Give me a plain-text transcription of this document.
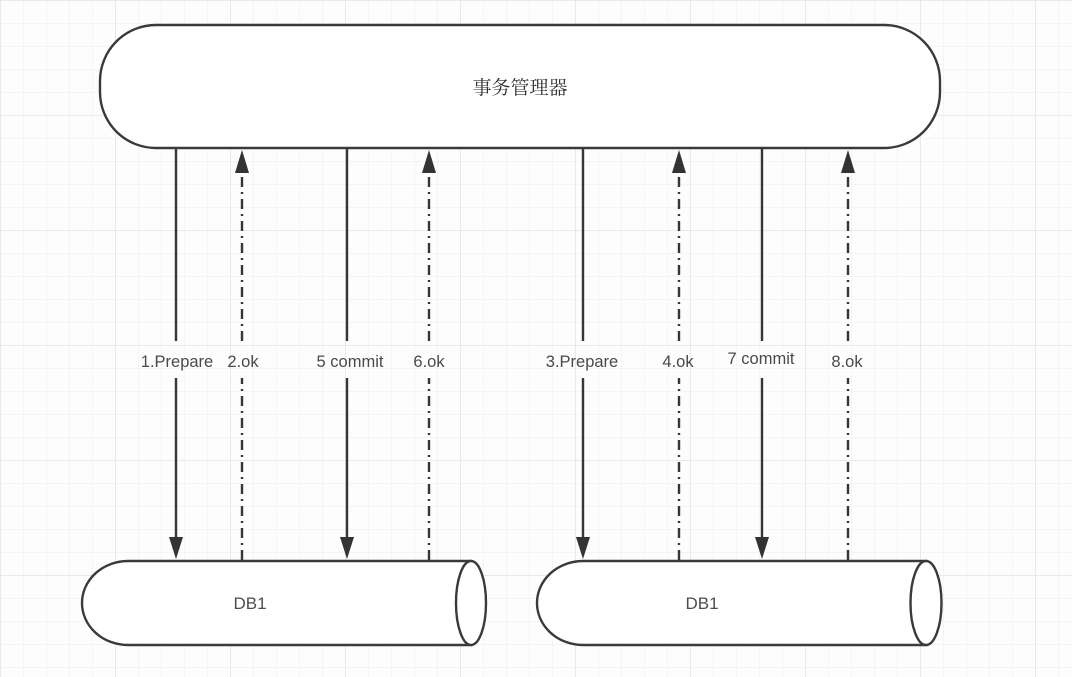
事务管理器
1.Prepare 2.ok	5 commit 6.ok	3.Prepare	4.ok 7 commit 8.ok
DB1	DB1
